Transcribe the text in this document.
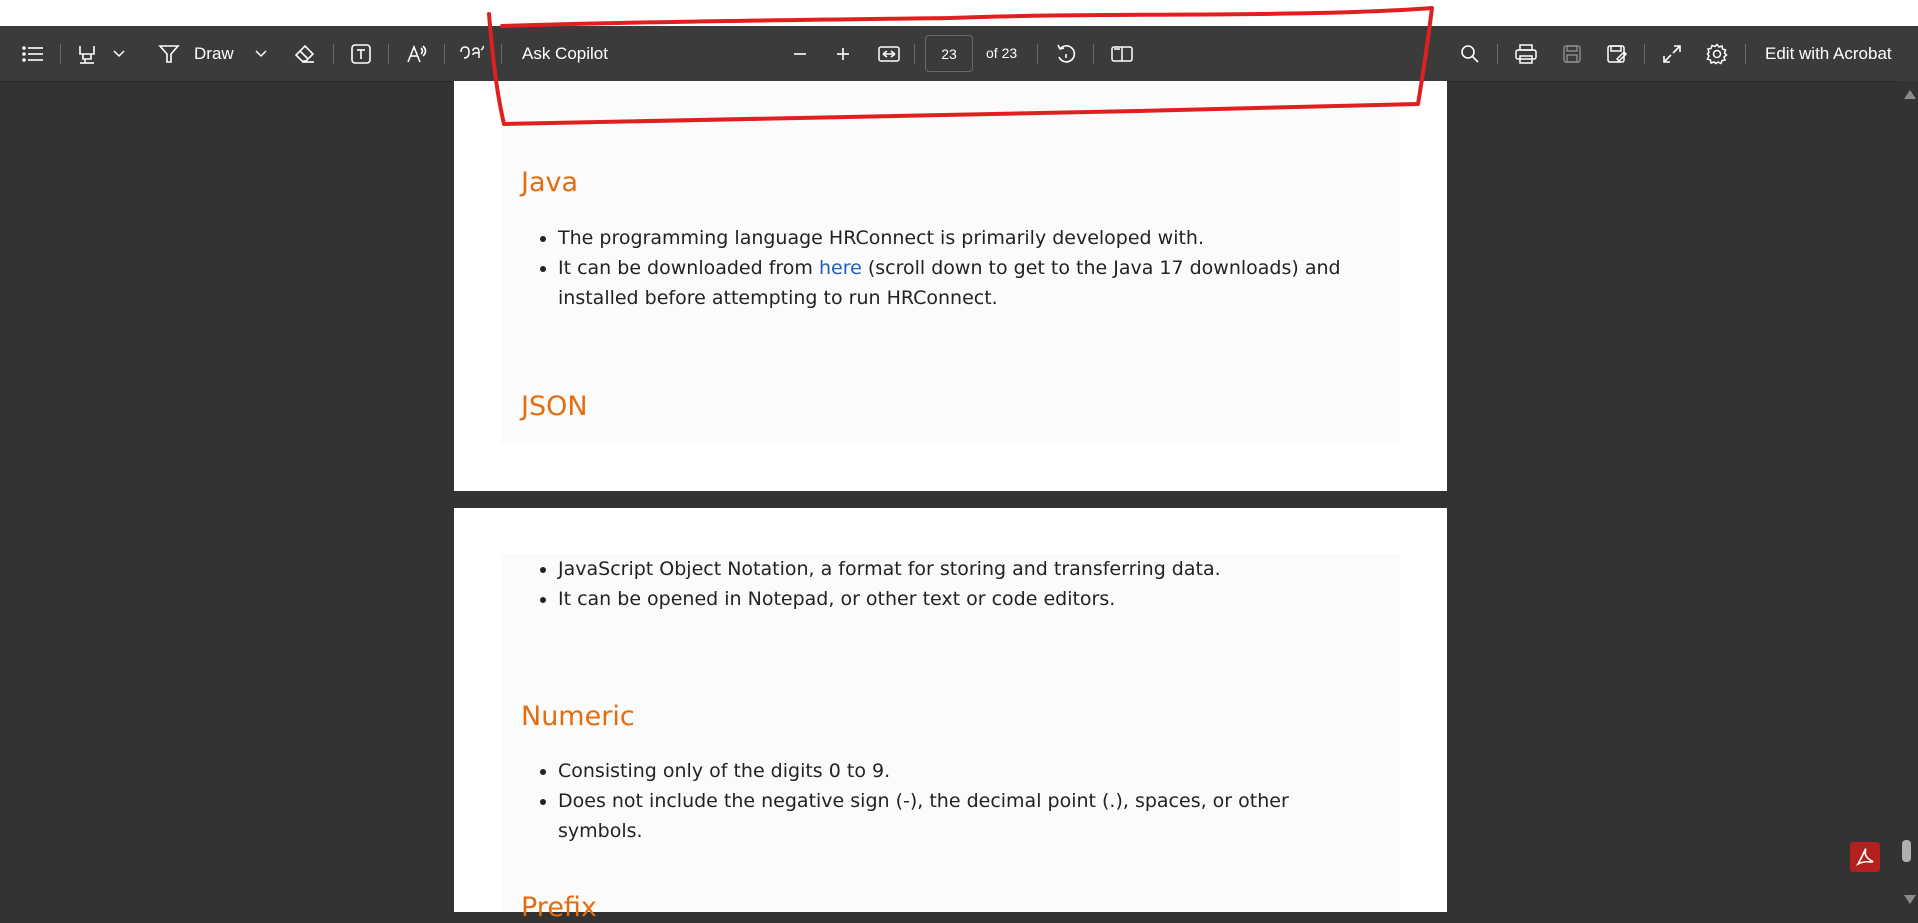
Draw	Ask Copilot	23	of 23	Edit with Acrobat
Java
• The programming language HRConnect is primarily developed with.
• It can be downloaded from here (scroll down to get to the Java 17 downloads) and installed before attempting to run HRConnect.
JSON
• JavaScript Object Notation, a format for storing and transferring data.
• It can be opened in Notepad, or other text or code editors.
Numeric
• Consisting only of the digits 0 to 9.
• Does not include the negative sign (-), the decimal point (.), spaces, or other symbols.
Prefix
